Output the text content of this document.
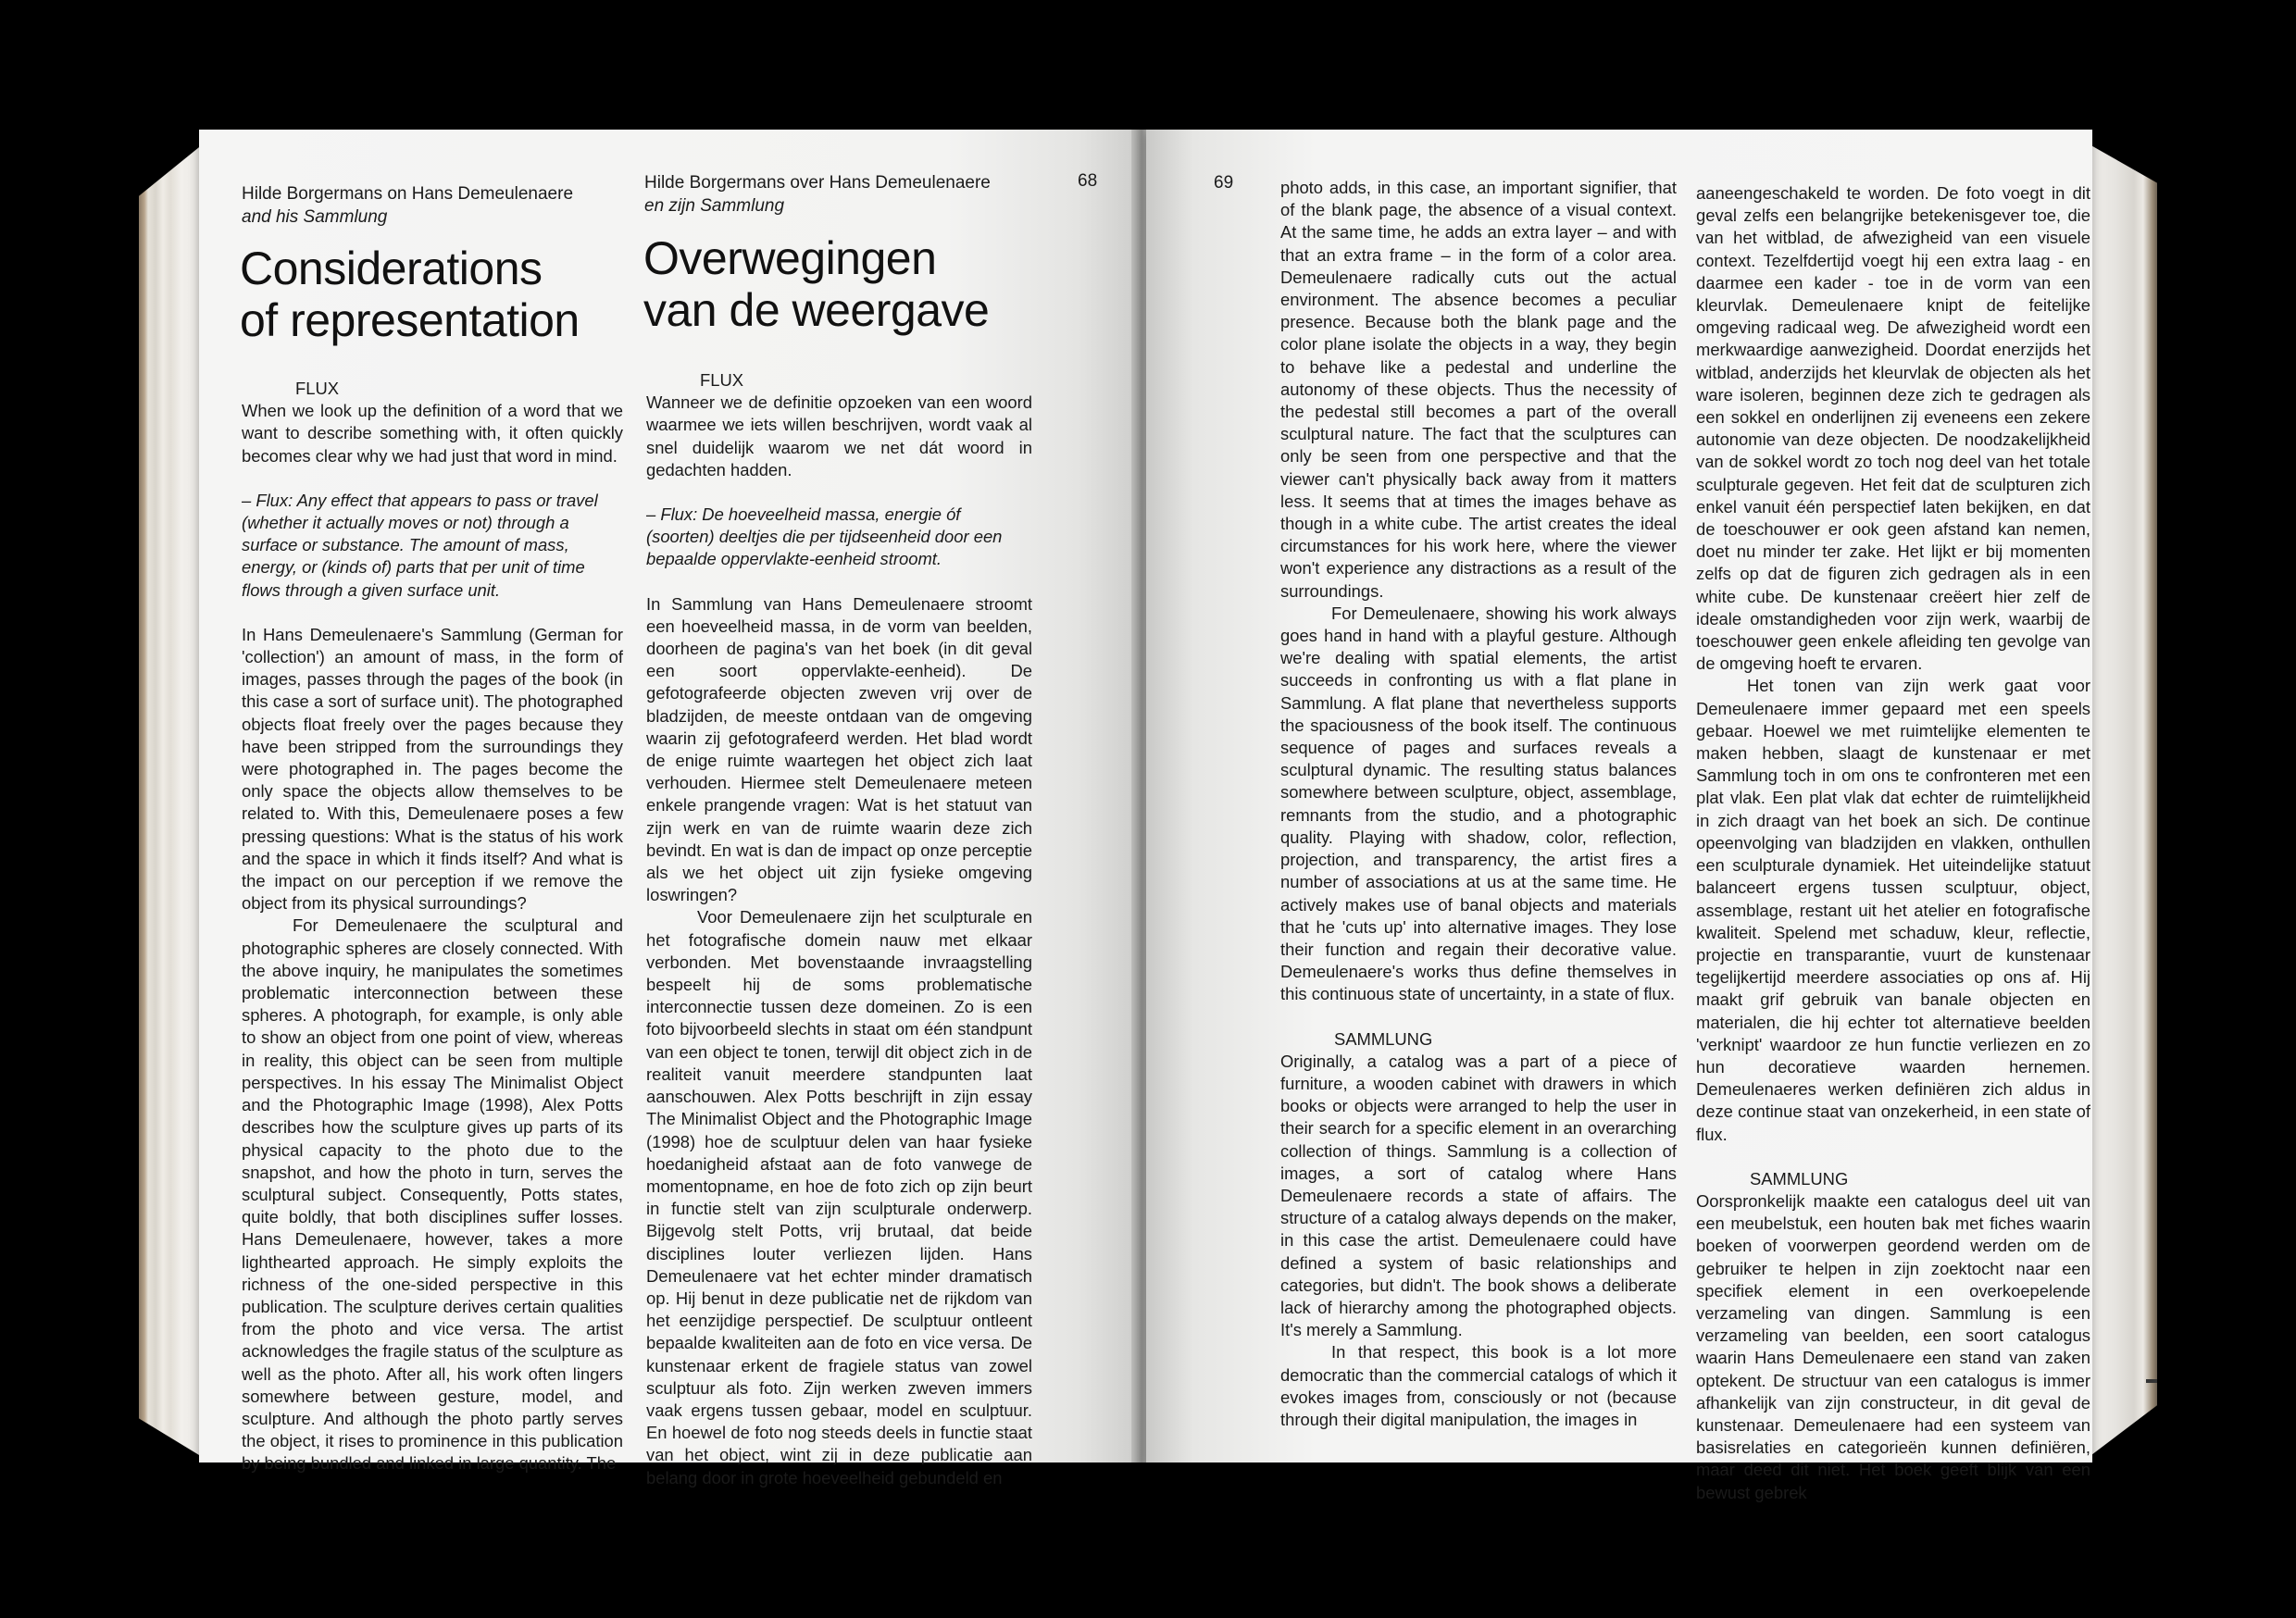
Hilde Borgermans on Hans Demeulenaere
and his Sammlung
Hilde Borgermans over Hans Demeulenaere
en zijn Sammlung
68
Considerations
of representation
Overwegingen
van de weergave

FLUX

When we look up the definition of a word that we want to describe something with, it often quickly becomes clear why we had just that word in mind.

– Flux: Any effect that appears to pass or travel (whether it actually moves or not) through a surface or substance. The amount of mass, energy, or (kinds of) parts that per unit of time flows through a given surface unit.

In Hans Demeulenaere's Sammlung (German for 'collection') an amount of mass, in the form of images, passes through the pages of the book (in this case a sort of surface unit). The photographed objects float freely over the pages because they have been stripped from the surroundings they were photographed in. The pages become the only space the objects allow themselves to be related to. With this, Demeulenaere poses a few pressing questions: What is the status of his work and the space in which it finds itself? And what is the impact on our perception if we remove the object from its physical surroundings?

For Demeulenaere the sculptural and photographic spheres are closely connected. With the above inquiry, he manipulates the sometimes problematic interconnection between these spheres. A photograph, for example, is only able to show an object from one point of view, whereas in reality, this object can be seen from multiple perspectives. In his essay The Minimalist Object and the Photographic Image (1998), Alex Potts describes how the sculpture gives up parts of its physical capacity to the photo due to the snapshot, and how the photo in turn, serves the sculptural subject. Consequently, Potts states, quite boldly, that both disciplines suffer losses. Hans Demeulenaere, however, takes a more lighthearted approach. He simply exploits the richness of the one-sided perspective in this publication. The sculpture derives certain qualities from the photo and vice versa. The artist acknowledges the fragile status of the sculpture as well as the photo. After all, his work often lingers somewhere between gesture, model, and sculpture. And although the photo partly serves the object, it rises to prominence in this publication by being bundled and linked in large quantity. The

FLUX

Wanneer we de definitie opzoeken van een woord waarmee we iets willen beschrijven, wordt vaak al snel duidelijk waarom we net dát woord in gedachten hadden.

– Flux: De hoeveelheid massa, energie óf (soorten) deeltjes die per tijdseenheid door een bepaalde oppervlakte-eenheid stroomt.

In Sammlung van Hans Demeulenaere stroomt een hoeveelheid massa, in de vorm van beelden, doorheen de pagina's van het boek (in dit geval een soort oppervlakte-eenheid). De gefotografeerde objecten zweven vrij over de bladzijden, de meeste ontdaan van de omgeving waarin zij gefotografeerd werden. Het blad wordt de enige ruimte waartegen het object zich laat verhouden. Hiermee stelt Demeulenaere meteen enkele prangende vragen: Wat is het statuut van zijn werk en van de ruimte waarin deze zich bevindt. En wat is dan de impact op onze perceptie als we het object uit zijn fysieke omgeving loswringen?

Voor Demeulenaere zijn het sculpturale en het fotografische domein nauw met elkaar verbonden. Met bovenstaande invraagstelling bespeelt hij de soms problematische interconnectie tussen deze domeinen. Zo is een foto bijvoorbeeld slechts in staat om één standpunt van een object te tonen, terwijl dit object zich in de realiteit vanuit meerdere standpunten laat aanschouwen. Alex Potts beschrijft in zijn essay The Minimalist Object and the Photographic Image (1998) hoe de sculptuur delen van haar fysieke hoedanigheid afstaat aan de foto vanwege de momentopname, en hoe de foto zich op zijn beurt in functie stelt van zijn sculpturale onderwerp. Bijgevolg stelt Potts, vrij brutaal, dat beide disciplines louter verliezen lijden. Hans Demeulenaere vat het echter minder dramatisch op. Hij benut in deze publicatie net de rijkdom van het eenzijdige perspectief. De sculptuur ontleent bepaalde kwaliteiten aan de foto en vice versa. De kunstenaar erkent de fragiele status van zowel sculptuur als foto. Zijn werken zweven immers vaak ergens tussen gebaar, model en sculptuur. En hoewel de foto nog steeds deels in functie staat van het object, wint zij in deze publicatie aan belang door in grote hoeveelheid gebundeld en

69	photo adds, in this case, an important signifier, that of the blank page, the absence of a visual context. At the same time, he adds an extra layer – and with that an extra frame – in the form of a color area. Demeulenaere radically cuts out the actual environment. The absence becomes a peculiar presence. Because both the blank page and the color plane isolate the objects in a way, they begin to behave like a pedestal and underline the autonomy of these objects. Thus the necessity of the pedestal still becomes a part of the overall sculptural nature. The fact that the sculptures can only be seen from one perspective and that the viewer can't physically back away from it matters less. It seems that at times the images behave as though in a white cube. The artist creates the ideal circumstances for his work here, where the viewer won't experience any distractions as a result of the surroundings.

For Demeulenaere, showing his work always goes hand in hand with a playful gesture. Although we're dealing with spatial elements, the artist succeeds in confronting us with a flat plane in Sammlung. A flat plane that nevertheless supports the spaciousness of the book itself. The continuous sequence of pages and surfaces reveals a sculptural dynamic. The resulting status balances somewhere between sculpture, object, assemblage, remnants from the studio, and a photographic quality. Playing with shadow, color, reflection, projection, and transparency, the artist fires a number of associations at us at the same time. He actively makes use of banal objects and materials that he 'cuts up' into alternative images. They lose their function and regain their decorative value. Demeulenaere's works thus define themselves in this continuous state of uncertainty, in a state of flux.

SAMMLUNG

Originally, a catalog was a part of a piece of furniture, a wooden cabinet with drawers in which books or objects were arranged to help the user in their search for a specific element in an overarching collection of things. Sammlung is a collection of images, a sort of catalog where Hans Demeulenaere records a state of affairs. The structure of a catalog always depends on the maker, in this case the artist. Demeulenaere could have defined a system of basic relationships and categories, but didn't. The book shows a deliberate lack of hierarchy among the photographed objects. It's merely a Sammlung.

In that respect, this book is a lot more democratic than the commercial catalogs of which it evokes images from, consciously or not (because through their digital manipulation, the images in

aaneengeschakeld te worden. De foto voegt in dit geval zelfs een belangrijke betekenisgever toe, die van het witblad, de afwezigheid van een visuele context. Tezelfdertijd voegt hij een extra laag - en daarmee een kader - toe in de vorm van een kleurvlak. Demeulenaere knipt de feitelijke omgeving radicaal weg. De afwezigheid wordt een merkwaardige aanwezigheid. Doordat enerzijds het witblad, anderzijds het kleurvlak de objecten als het ware isoleren, beginnen deze zich te gedragen als een sokkel en onderlijnen zij eveneens een zekere autonomie van deze objecten. De noodzakelijkheid van de sokkel wordt zo toch nog deel van het totale sculpturale gegeven. Het feit dat de sculpturen zich enkel vanuit één perspectief laten bekijken, en dat de toeschouwer er ook geen afstand kan nemen, doet nu minder ter zake. Het lijkt er bij momenten zelfs op dat de figuren zich gedragen als in een white cube. De kunstenaar creëert hier zelf de ideale omstandigheden voor zijn werk, waarbij de toeschouwer geen enkele afleiding ten gevolge van de omgeving hoeft te ervaren.

Het tonen van zijn werk gaat voor Demeulenaere immer gepaard met een speels gebaar. Hoewel we met ruimtelijke elementen te maken hebben, slaagt de kunstenaar er met Sammlung toch in om ons te confronteren met een plat vlak. Een plat vlak dat echter de ruimtelijkheid in zich draagt van het boek an sich. De continue opeenvolging van bladzijden en vlakken, onthullen een sculpturale dynamiek. Het uiteindelijke statuut balanceert ergens tussen sculptuur, object, assemblage, restant uit het atelier en fotografische kwaliteit. Spelend met schaduw, kleur, reflectie, projectie en transparantie, vuurt de kunstenaar tegelijkertijd meerdere associaties op ons af. Hij maakt grif gebruik van banale objecten en materialen, die hij echter tot alternatieve beelden 'verknipt' waardoor ze hun functie verliezen en zo hun decoratieve waarden hernemen. Demeulenaeres werken definiëren zich aldus in deze continue staat van onzekerheid, in een state of flux.

SAMMLUNG

Oorspronkelijk maakte een catalogus deel uit van een meubelstuk, een houten bak met fiches waarin boeken of voorwerpen geordend werden om de gebruiker te helpen in zijn zoektocht naar een specifiek element in een overkoepelende verzameling van dingen. Sammlung is een verzameling van beelden, een soort catalogus waarin Hans Demeulenaere een stand van zaken optekent. De structuur van een catalogus is immer afhankelijk van zijn constructeur, in dit geval de kunstenaar. Demeulenaere had een systeem van basisrelaties en categorieën kunnen definiëren, maar deed dit niet. Het boek geeft blijk van een bewust gebrek
